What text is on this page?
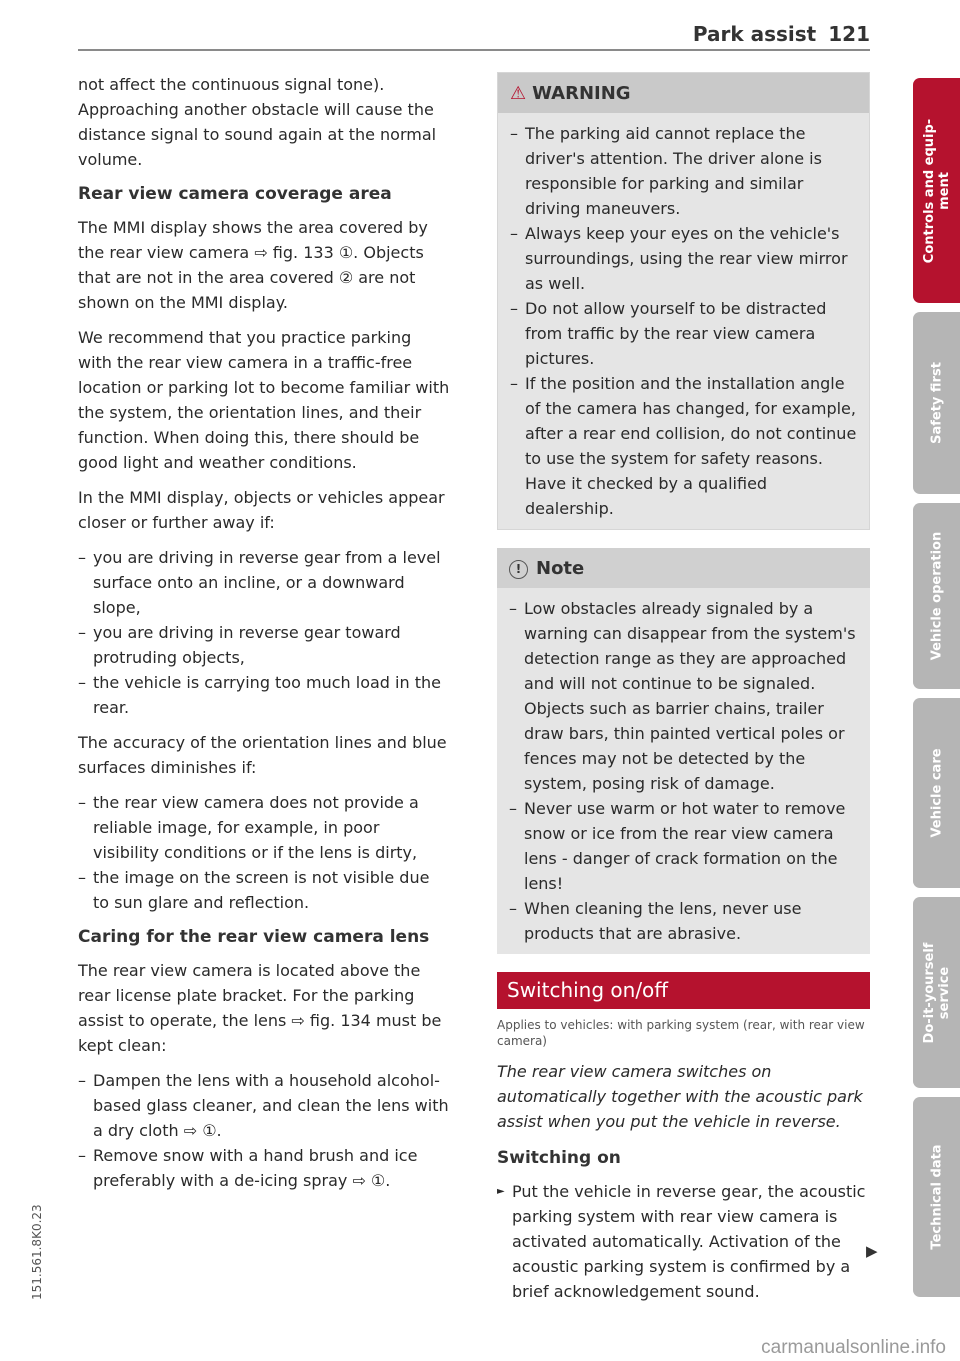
Park assist 121

not affect the continuous signal tone). Approaching another obstacle will cause the distance signal to sound again at the normal volume.

Rear view camera coverage area

The MMI display shows the area covered by the rear view camera ⇨ fig. 133 ①. Objects that are not in the area covered ② are not shown on the MMI display.

We recommend that you practice parking with the rear view camera in a traffic-free location or parking lot to become familiar with the system, the orientation lines, and their function. When doing this, there should be good light and weather conditions.

In the MMI display, objects or vehicles appear closer or further away if:

– you are driving in reverse gear from a level surface onto an incline, or a downward slope,
– you are driving in reverse gear toward protruding objects,
– the vehicle is carrying too much load in the rear.

The accuracy of the orientation lines and blue surfaces diminishes if:

– the rear view camera does not provide a reliable image, for example, in poor visibility conditions or if the lens is dirty,
– the image on the screen is not visible due to sun glare and reflection.
Caring for the rear view camera lens

The rear view camera is located above the rear license plate bracket. For the parking assist to operate, the lens ⇨ fig. 134 must be kept clean:

– Dampen the lens with a household alcohol-based glass cleaner, and clean the lens with a dry cloth ⇨ ①.
– Remove snow with a hand brush and ice preferably with a de-icing spray ⇨ ①.
⚠ WARNING
– The parking aid cannot replace the driver's attention. The driver alone is responsible for parking and similar driving maneuvers.
– Always keep your eyes on the vehicle's surroundings, using the rear view mirror as well.
– Do not allow yourself to be distracted from traffic by the rear view camera pictures.
– If the position and the installation angle of the camera has changed, for example, after a rear end collision, do not continue to use the system for safety reasons. Have it checked by a qualified dealership.
! Note
– Low obstacles already signaled by a warning can disappear from the system's detection range as they are approached and will not continue to be signaled. Objects such as barrier chains, trailer draw bars, thin painted vertical poles or fences may not be detected by the system, posing risk of damage.
– Never use warm or hot water to remove snow or ice from the rear view camera lens - danger of crack formation on the lens!
– When cleaning the lens, never use products that are abrasive.
Switching on/off
Applies to vehicles: with parking system (rear, with rear view camera)

The rear view camera switches on automatically together with the acoustic park assist when you put the vehicle in reverse.

Switching on
► Put the vehicle in reverse gear, the acoustic parking system with rear view camera is activated automatically. Activation of the acoustic parking system is confirmed by a brief acknowledgement sound.
▶
Controls and equip-
ment
Safety first
Vehicle operation
Vehicle care
Do-it-yourself
service
Technical data
151.561.8K0.23
carmanualsonline.info
